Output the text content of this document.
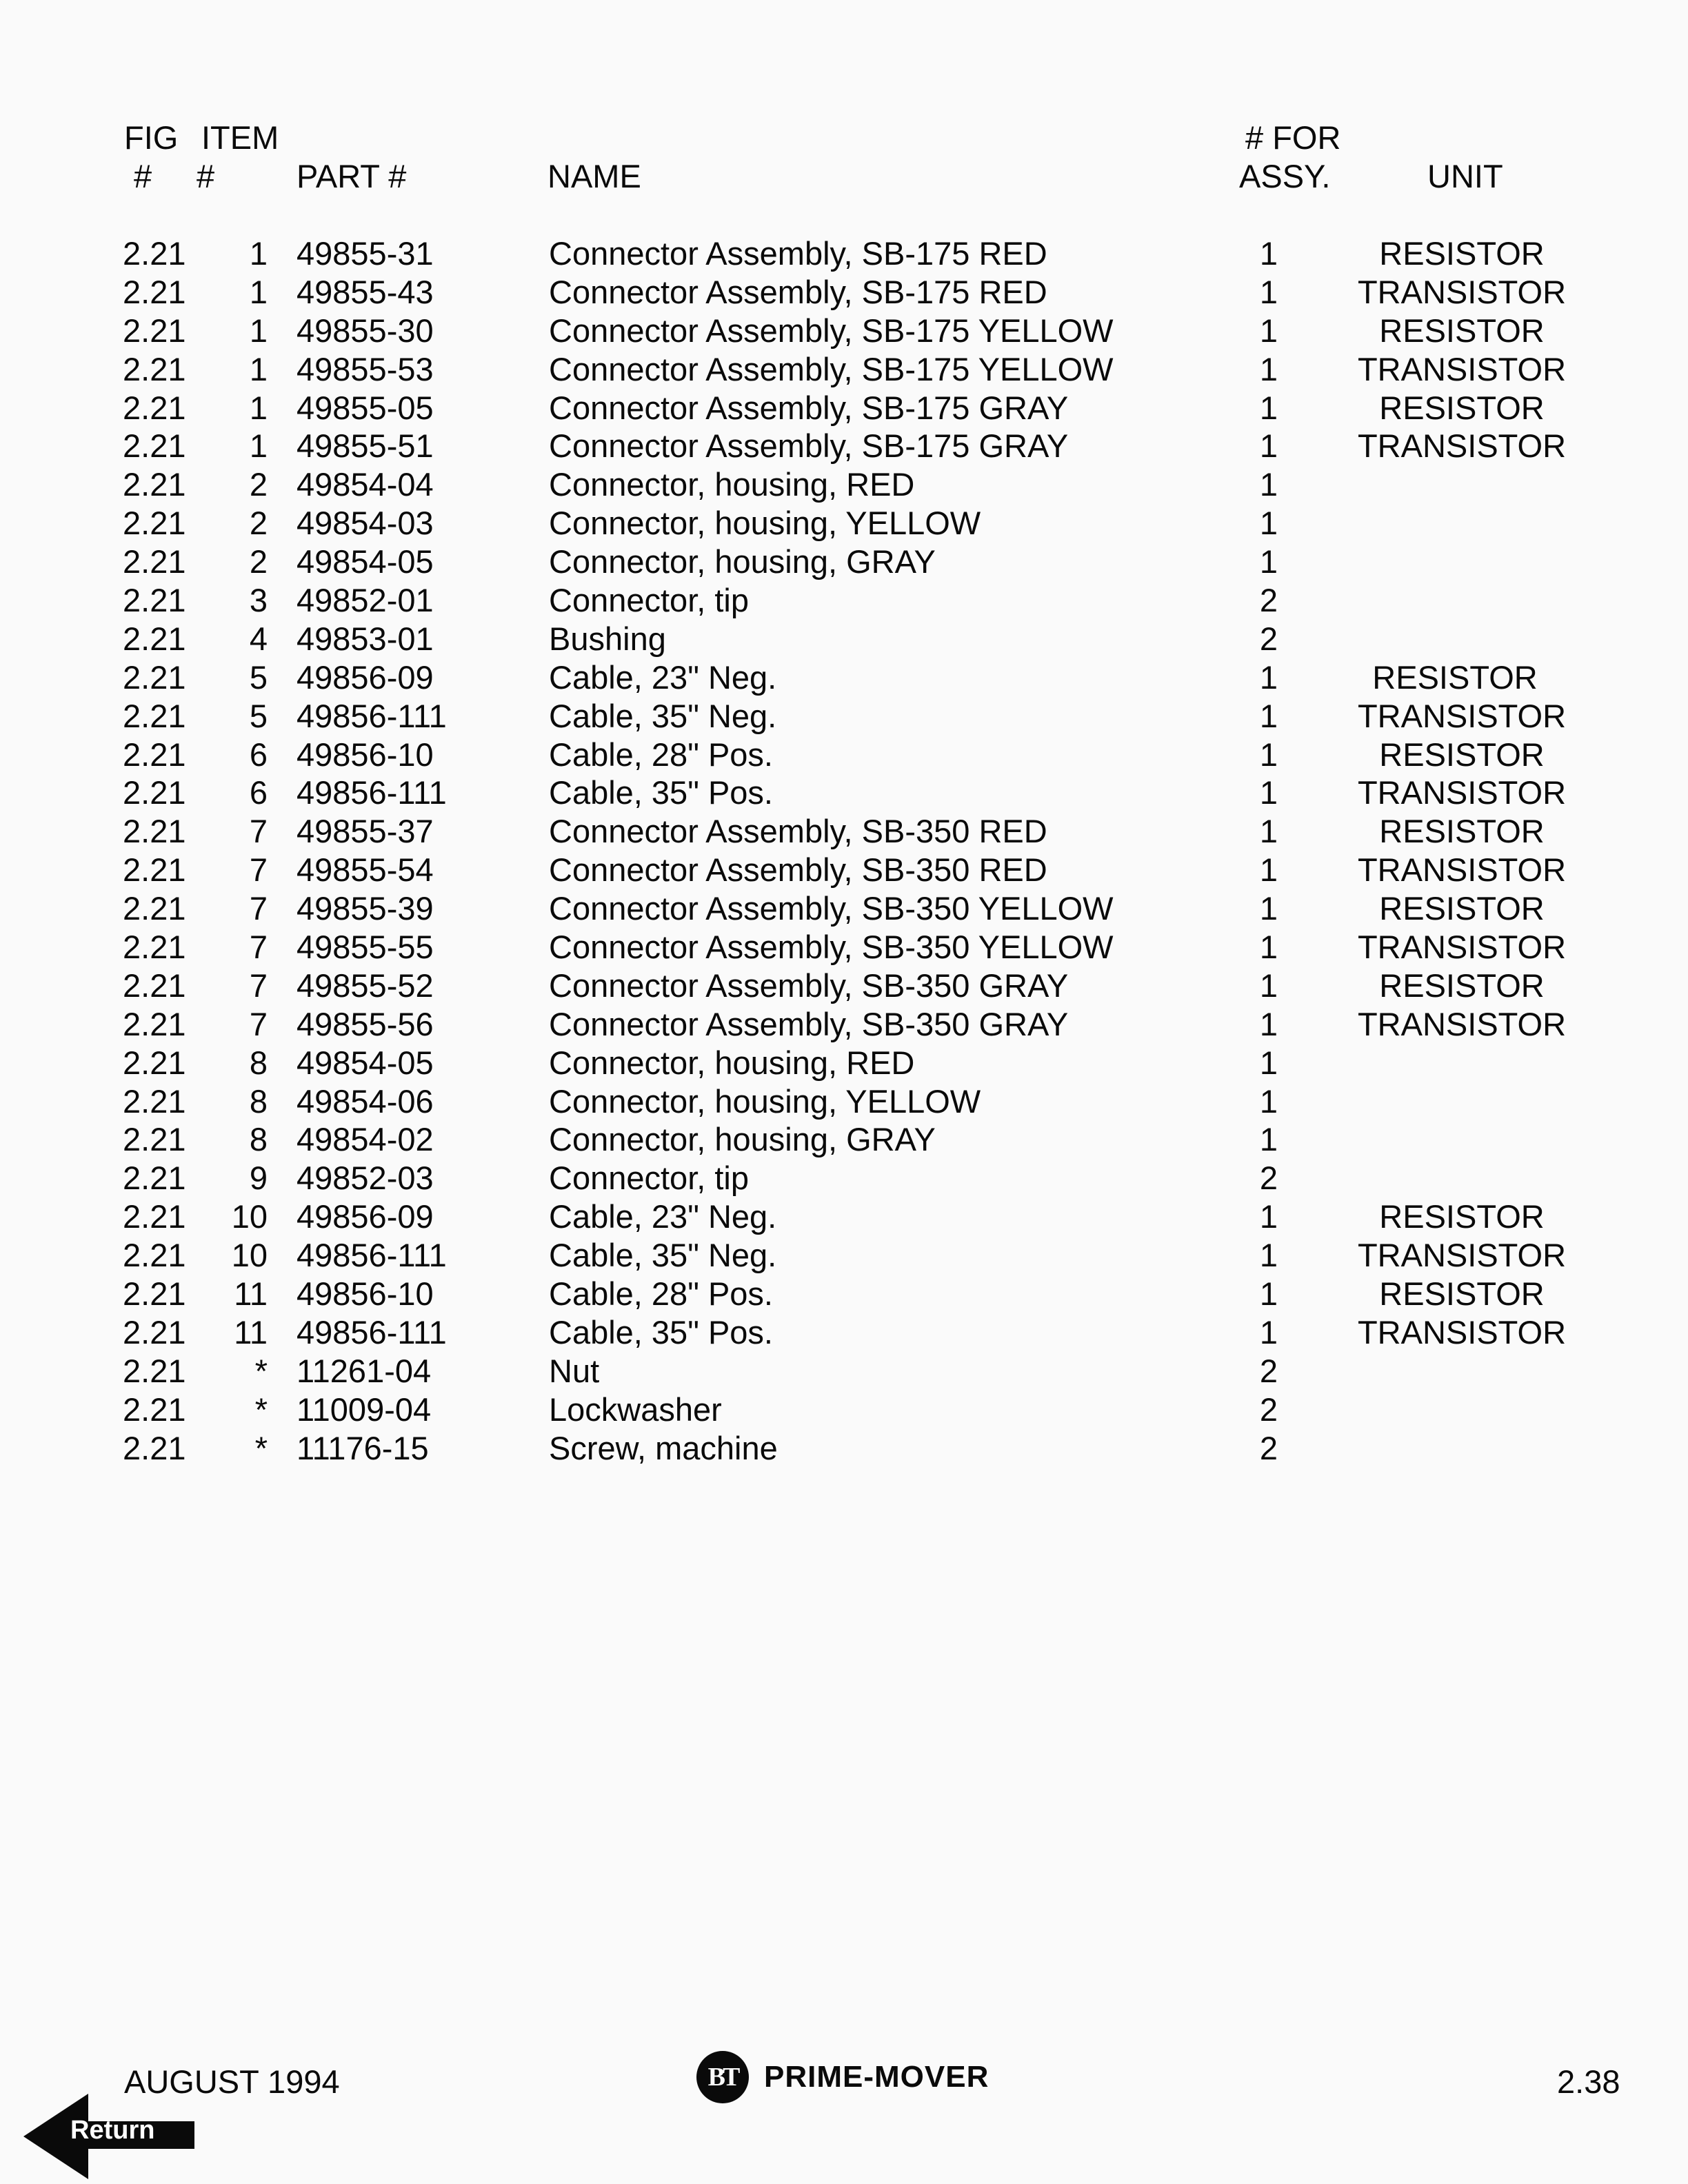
FIG
#
ITEM
#	PART #	NAME
# FOR
ASSY.	UNIT
2.21	1 49855-31	Connector Assembly, SB-175 RED	1	RESISTOR
2.21	1 49855-43	Connector Assembly, SB-175 RED	1	TRANSISTOR
2.21	1 49855-30	Connector Assembly, SB-175 YELLOW	1	RESISTOR
2.21	1 49855-53	Connector Assembly, SB-175 YELLOW	1	TRANSISTOR
2.21	1 49855-05	Connector Assembly, SB-175 GRAY	1	RESISTOR
2.21	1 49855-51	Connector Assembly, SB-175 GRAY	1	TRANSISTOR
2.21	2 49854-04	Connector, housing, RED	1
2.21	2 49854-03	Connector, housing, YELLOW	1
2.21	2 49854-05	Connector, housing, GRAY	1
2.21	3 49852-01	Connector, tip	2
2.21	4 49853-01	Bushing	2
2.21	5 49856-09	Cable, 23" Neg.	1	RESISTOR
2.21	5 49856-111	Cable, 35" Neg.	1	TRANSISTOR
2.21	6 49856-10	Cable, 28" Pos.	1	RESISTOR
2.21	6 49856-111	Cable, 35" Pos.	1	TRANSISTOR
2.21	7 49855-37	Connector Assembly, SB-350 RED	1	RESISTOR
2.21	7 49855-54	Connector Assembly, SB-350 RED	1	TRANSISTOR
2.21	7 49855-39	Connector Assembly, SB-350 YELLOW	1	RESISTOR
2.21	7 49855-55	Connector Assembly, SB-350 YELLOW	1	TRANSISTOR
2.21	7 49855-52	Connector Assembly, SB-350 GRAY	1	RESISTOR
2.21	7 49855-56	Connector Assembly, SB-350 GRAY	1	TRANSISTOR
2.21	8 49854-05	Connector, housing, RED	1
2.21	8 49854-06	Connector, housing, YELLOW	1
2.21	8 49854-02	Connector, housing, GRAY	1
2.21	9 49852-03	Connector, tip	2
2.21	10 49856-09	Cable, 23" Neg.	1	RESISTOR
2.21	10 49856-111	Cable, 35" Neg.	1	TRANSISTOR
2.21	11 49856-10	Cable, 28" Pos.	1	RESISTOR
2.21	11 49856-111	Cable, 35" Pos.	1	TRANSISTOR
2.21	* 11261-04	Nut	2
2.21	* 11009-04	Lockwasher	2
2.21	* 11176-15	Screw, machine	2
AUGUST 1994	BT PRIME-MOVER	2.38
Return
